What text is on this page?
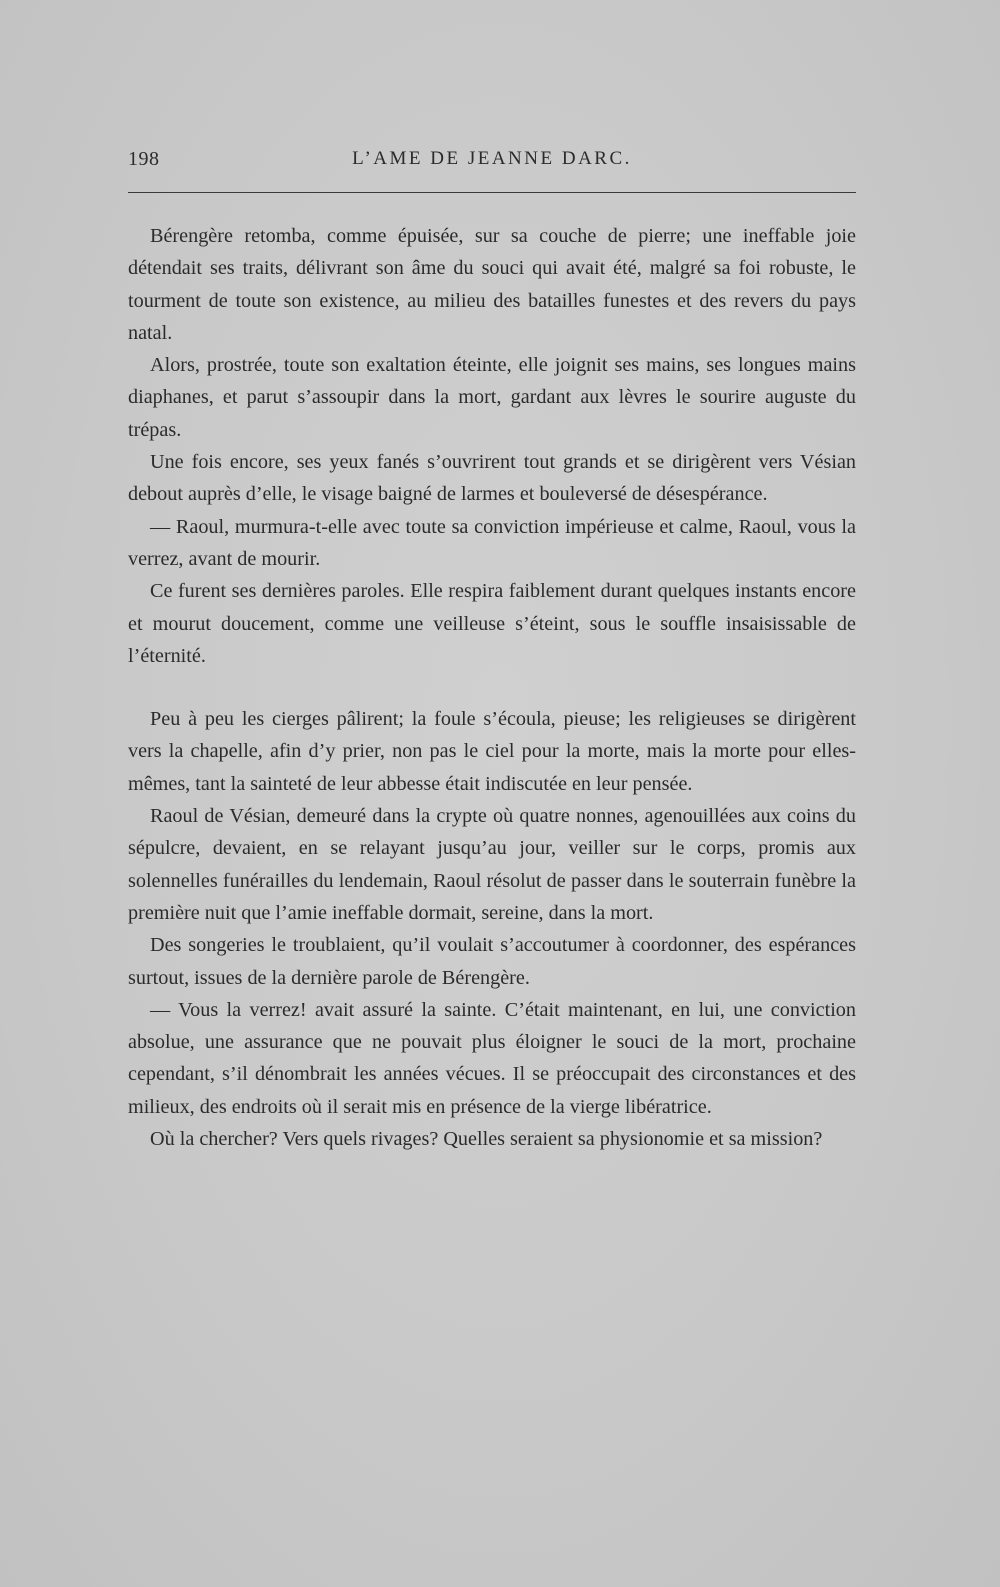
198	L’AME DE JEANNE DARC.

Bérengère retomba, comme épuisée, sur sa couche de pierre; une ineffable joie détendait ses traits, délivrant son âme du souci qui avait été, malgré sa foi robuste, le tourment de toute son existence, au milieu des batailles funestes et des revers du pays natal.

Alors, prostrée, toute son exaltation éteinte, elle joignit ses mains, ses longues mains diaphanes, et parut s’assoupir dans la mort, gardant aux lèvres le sourire auguste du trépas.

Une fois encore, ses yeux fanés s’ouvrirent tout grands et se dirigèrent vers Vésian debout auprès d’elle, le visage baigné de larmes et bouleversé de désespérance.

— Raoul, murmura-t-elle avec toute sa conviction impérieuse et calme, Raoul, vous la verrez, avant de mourir.

Ce furent ses dernières paroles. Elle respira faiblement durant quelques instants encore et mourut doucement, comme une veilleuse s’éteint, sous le souffle insaisissable de l’éternité.

Peu à peu les cierges pâlirent; la foule s’écoula, pieuse; les religieuses se dirigèrent vers la chapelle, afin d’y prier, non pas le ciel pour la morte, mais la morte pour elles-mêmes, tant la sainteté de leur abbesse était indiscutée en leur pensée.

Raoul de Vésian, demeuré dans la crypte où quatre nonnes, agenouillées aux coins du sépulcre, devaient, en se relayant jusqu’au jour, veiller sur le corps, promis aux solennelles funérailles du lendemain, Raoul résolut de passer dans le souterrain funèbre la première nuit que l’amie ineffable dormait, sereine, dans la mort.

Des songeries le troublaient, qu’il voulait s’accoutumer à coordonner, des espérances surtout, issues de la dernière parole de Bérengère.

— Vous la verrez! avait assuré la sainte. C’était maintenant, en lui, une conviction absolue, une assurance que ne pouvait plus éloigner le souci de la mort, prochaine cependant, s’il dénombrait les années vécues. Il se préoccupait des circonstances et des milieux, des endroits où il serait mis en présence de la vierge libératrice.

Où la chercher? Vers quels rivages? Quelles seraient sa physionomie et sa mission?
